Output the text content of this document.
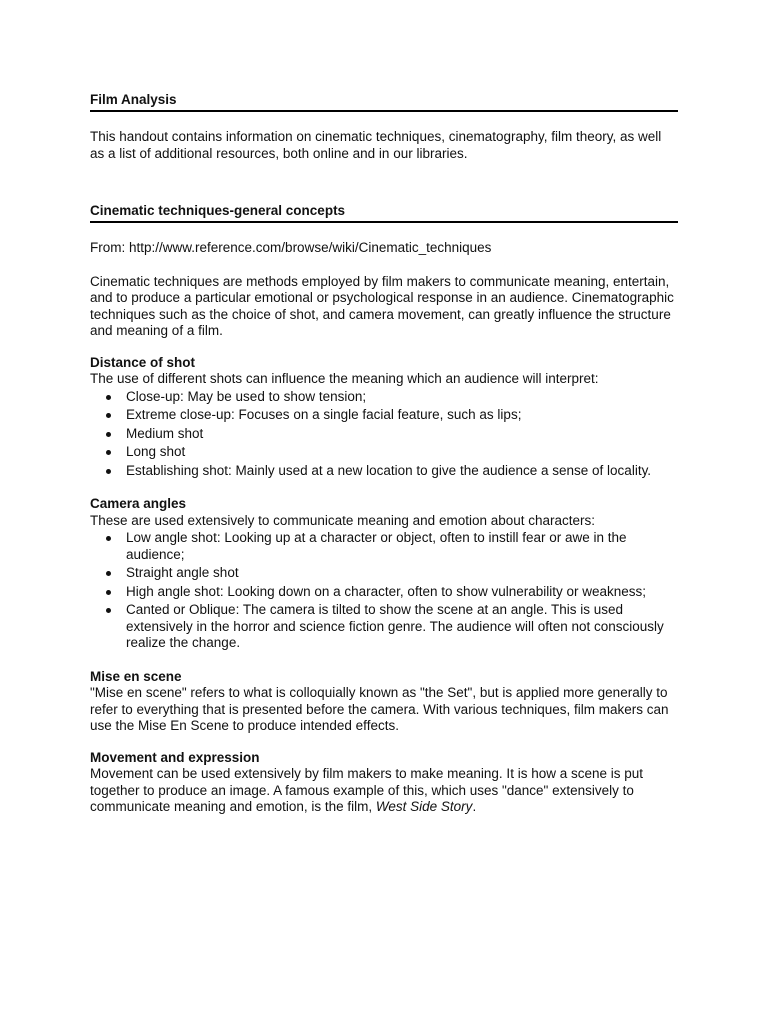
Film Analysis

This handout contains information on cinematic techniques, cinematography, film theory, as well as a list of additional resources, both online and in our libraries.

Cinematic techniques-general concepts

From: http://www.reference.com/browse/wiki/Cinematic_techniques

Cinematic techniques are methods employed by film makers to communicate meaning, entertain, and to produce a particular emotional or psychological response in an audience. Cinematographic techniques such as the choice of shot, and camera movement, can greatly influence the structure and meaning of a film.

Distance of shot

The use of different shots can influence the meaning which an audience will interpret:

Close-up: May be used to show tension;
Extreme close-up: Focuses on a single facial feature, such as lips;
Medium shot
Long shot
Establishing shot: Mainly used at a new location to give the audience a sense of locality.

Camera angles

These are used extensively to communicate meaning and emotion about characters:

Low angle shot: Looking up at a character or object, often to instill fear or awe in the audience;
Straight angle shot
High angle shot: Looking down on a character, often to show vulnerability or weakness;
Canted or Oblique: The camera is tilted to show the scene at an angle. This is used extensively in the horror and science fiction genre. The audience will often not consciously realize the change.

Mise en scene

"Mise en scene" refers to what is colloquially known as "the Set", but is applied more generally to refer to everything that is presented before the camera. With various techniques, film makers can use the Mise En Scene to produce intended effects.

Movement and expression

Movement can be used extensively by film makers to make meaning. It is how a scene is put together to produce an image. A famous example of this, which uses "dance" extensively to communicate meaning and emotion, is the film, West Side Story.
